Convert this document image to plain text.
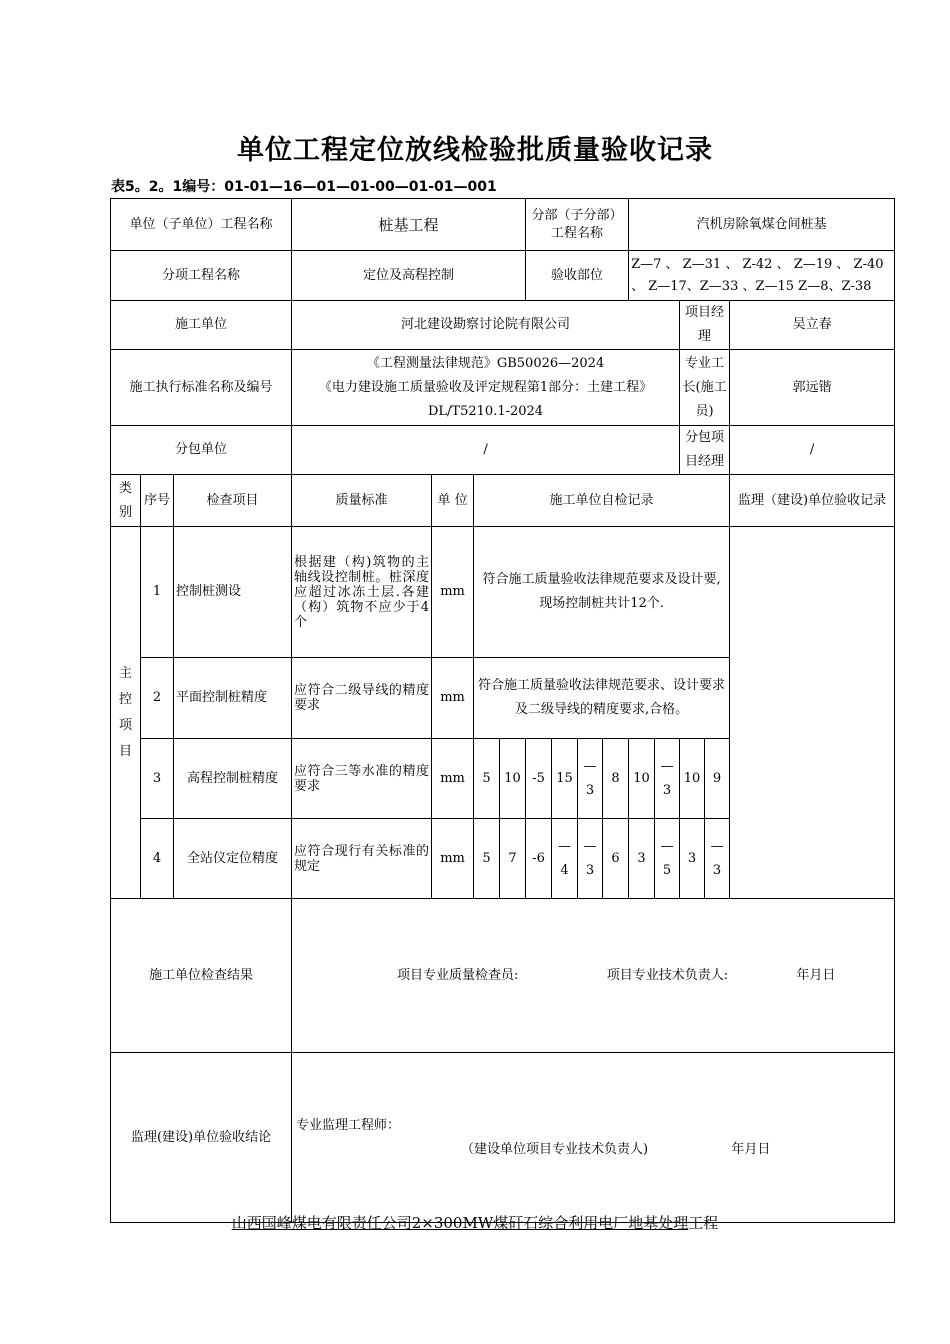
单位工程定位放线检验批质量验收记录
表5。2。1编号：01-01—16—01—01-00—01-01—001
单位（子单位）工程名称			桩基工程				分部（子分部）工程名称				汽机房除氧煤仓间桩基				
分项工程名称			定位及高程控制				验收部位				Z—7 、 Z—31 、 Z-42 、 Z—19 、 Z-40 、 Z—17、Z—33 、Z—15 Z—8、Z-38				
施工单位			河北建设勘察讨论院有限公司										项目经理		吴立春
施工执行标准名称及编号			《工程测量法律规范》GB50026—2024
《电力建设施工质量验收及评定规程第1部分：土建工程》DL/T5210.1-2024										专业工长(施工员)		郭远锴
分包单位			/										分包项目经理		/
类别	序号	检查项目	质量标准	单 位	施工单位自检记录										监理（建设)单位验收记录
主控项目	1	控制桩测设	根据建（构)筑物的主轴线设控制桩。桩深度应超过冰冻土层.各建（构）筑物不应少于4个	mm	符合施工质量验收法律规范要求及设计要,现场控制桩共计12个.										
	2	平面控制桩精度	应符合二级导线的精度要求	mm	符合施工质量验收法律规范要求、设计要求及二级导线的精度要求,合格。										
	3	高程控制桩精度	应符合三等水准的精度要求	mm	5	10	-5	15	—3	8	10	—3	10	9	
	4	全站仪定位精度	应符合现行有关标准的规定	mm	5	7	-6	—4	—3	6	3	—5	3	—3	
施工单位检查结果			项目专业质量检查员: 项目专业技术负责人: 年月日												
监理(建设)单位验收结论			专业监理工程师：
（建设单位项目专业技术负责人) 年月日												
山西国峰煤电有限责任公司2×300MW煤矸石综合利用电厂地基处理工程
